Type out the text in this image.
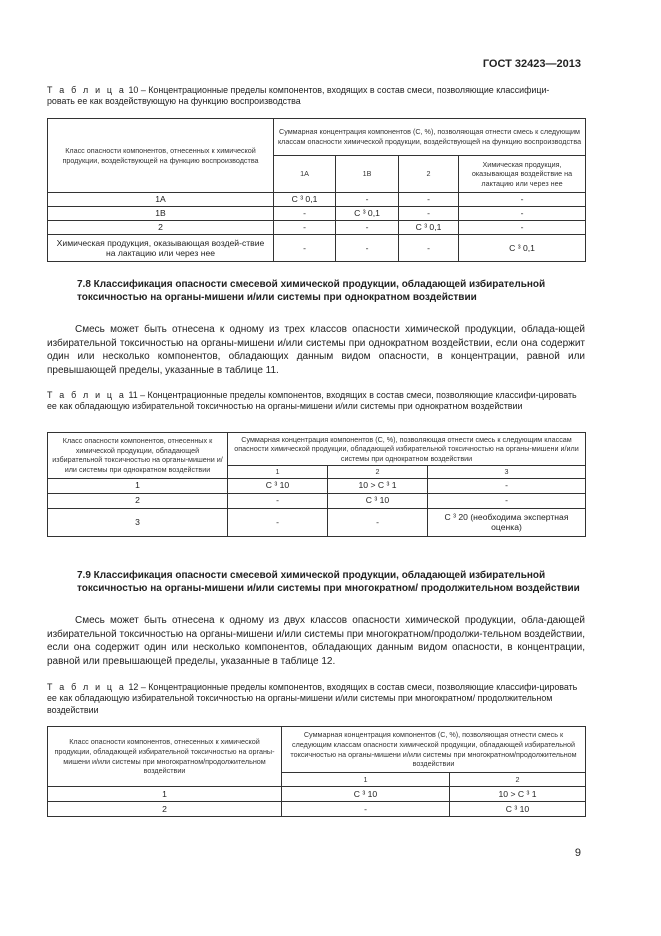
ГОСТ 32423—2013
Т а б л и ц а 10 – Концентрационные пределы компонентов, входящих в состав смеси, позволяющие классифици-
ровать ее как воздействующую на функцию воспроизводства
Класс опасности компонентов, отнесенных к химической продукции, воздействующей на функцию воспроизводства	Суммарная концентрация компонентов (С, %), позволяющая отнести смесь к следующим классам опасности химической продукции, воздействующей на функцию воспроизводства			
	1А	1В	2	Химическая продукция, оказывающая воздействие на лактацию или через нее
1А	С ³ 0,1	-	-	-
1В	-	С ³ 0,1	-	-
2	-	-	С ³ 0,1	-
Химическая продукция, оказывающая воздей-ствие на лактацию или через нее	-	-	-	С ³ 0,1
7.8 Классификация опасности смесевой химической продукции, обладающей избирательной токсичностью на органы-мишени и/или системы при однократном воздействии
Смесь может быть отнесена к одному из трех классов опасности химической продукции, облада-ющей избирательной токсичностью на органы-мишени и/или системы при однократном воздействии, если она содержит один или несколько компонентов, обладающих данным видом опасности, в концентрации, равной или превышающей пределы, указанные в таблице 11.
Т а б л и ц а 11 – Концентрационные пределы компонентов, входящих в состав смеси, позволяющие классифи-цировать ее как обладающую избирательной токсичностью на органы-мишени и/или системы при однократном воздействии
Класс опасности компонентов, отнесенных к химической продукции, обладающей избирательной токсичностью на органы-мишени и/или системы при однократном воздействии	Суммарная концентрация компонентов (С, %), позволяющая отнести смесь к следующим классам опасности химической продукции, обладающей избирательной токсичностью на органы-мишени и/или системы при однократном воздействии		
	1	2	3
1	С ³ 10	10 > С ³ 1	-
2	-	С ³ 10	-
3	-	-	С ³ 20 (необходима экспертная оценка)
7.9 Классификация опасности смесевой химической продукции, обладающей избирательной токсичностью на органы-мишени и/или системы при многократном/ продолжительном воздействии
Смесь может быть отнесена к одному из двух классов опасности химической продукции, обла-дающей избирательной токсичностью на органы-мишени и/или системы при многократном/продолжи-тельном воздействии, если она содержит один или несколько компонентов, обладающих данным видом опасности, в концентрации, равной или превышающей пределы, указанные в таблице 12.
Т а б л и ц а 12 – Концентрационные пределы компонентов, входящих в состав смеси, позволяющие классифи-цировать ее как обладающую избирательной токсичностью на органы-мишени и/или системы при многократном/ продолжительном воздействии
Класс опасности компонентов, отнесенных к химической продукции, обладающей избирательной токсичностью на органы-мишени и/или системы при многократном/продолжительном воздействии	Суммарная концентрация компонентов (С, %), позволяющая отнести смесь к следующим классам опасности химической продукции, обладающей избирательной токсичностью на органы-мишени и/или системы при многократном/продолжительном воздействии	
	1	2
1	С ³ 10	10 > С ³ 1
2	-	С ³ 10
9
